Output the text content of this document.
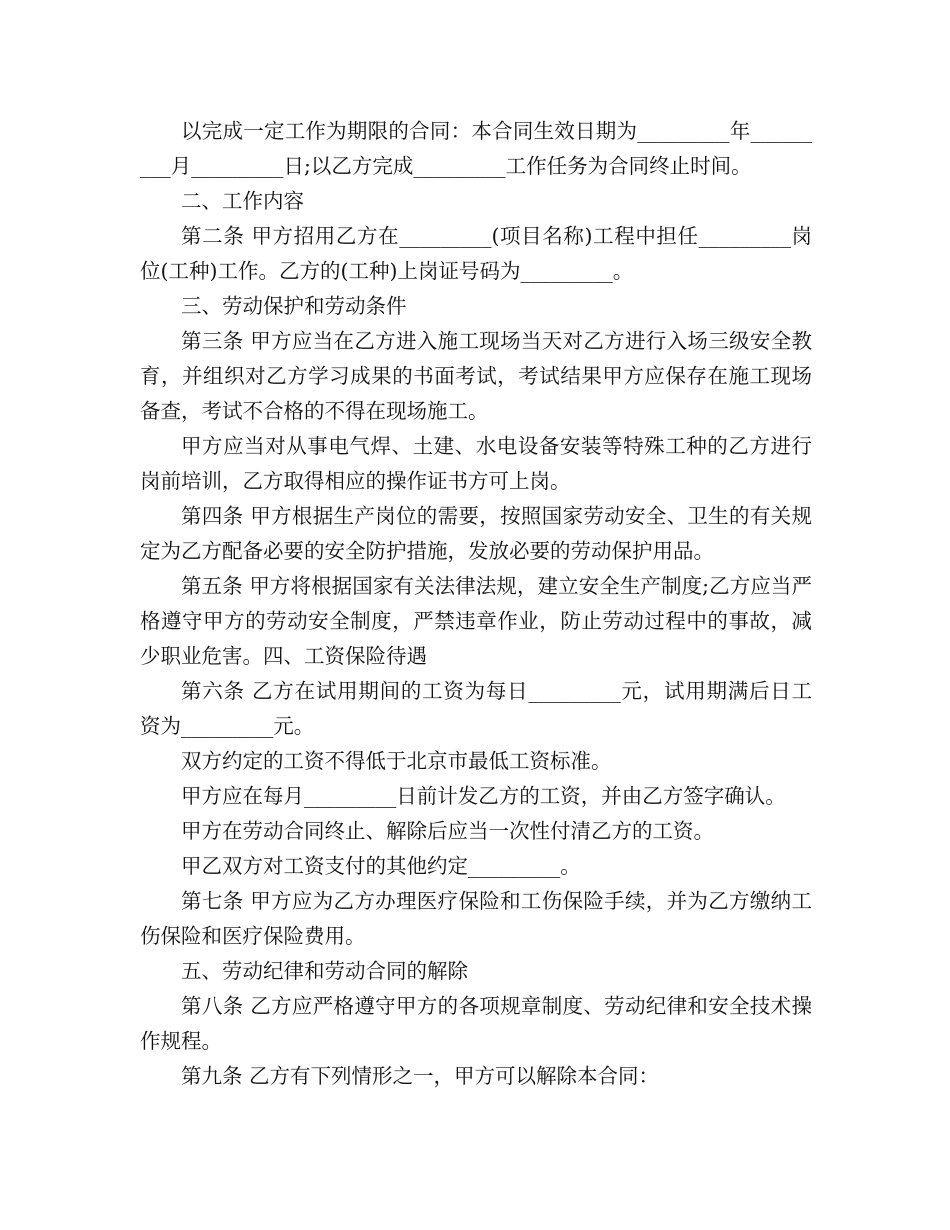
以完成一定工作为期限的合同：本合同生效日期为_________年_________月_________日;以乙方完成_________工作任务为合同终止时间。

二、工作内容

第二条 甲方招用乙方在_________(项目名称)工程中担任_________岗位(工种)工作。乙方的(工种)上岗证号码为_________。

三、劳动保护和劳动条件

第三条 甲方应当在乙方进入施工现场当天对乙方进行入场三级安全教育，并组织对乙方学习成果的书面考试，考试结果甲方应保存在施工现场备查，考试不合格的不得在现场施工。

甲方应当对从事电气焊、土建、水电设备安装等特殊工种的乙方进行岗前培训，乙方取得相应的操作证书方可上岗。

第四条 甲方根据生产岗位的需要，按照国家劳动安全、卫生的有关规定为乙方配备必要的安全防护措施，发放必要的劳动保护用品。

第五条 甲方将根据国家有关法律法规，建立安全生产制度;乙方应当严格遵守甲方的劳动安全制度，严禁违章作业，防止劳动过程中的事故，减少职业危害。四、工资保险待遇

第六条 乙方在试用期间的工资为每日_________元，试用期满后日工资为_________元。

双方约定的工资不得低于北京市最低工资标准。

甲方应在每月_________日前计发乙方的工资，并由乙方签字确认。

甲方在劳动合同终止、解除后应当一次性付清乙方的工资。

甲乙双方对工资支付的其他约定_________。

第七条 甲方应为乙方办理医疗保险和工伤保险手续，并为乙方缴纳工伤保险和医疗保险费用。

五、劳动纪律和劳动合同的解除

第八条 乙方应严格遵守甲方的各项规章制度、劳动纪律和安全技术操作规程。

第九条 乙方有下列情形之一，甲方可以解除本合同：
